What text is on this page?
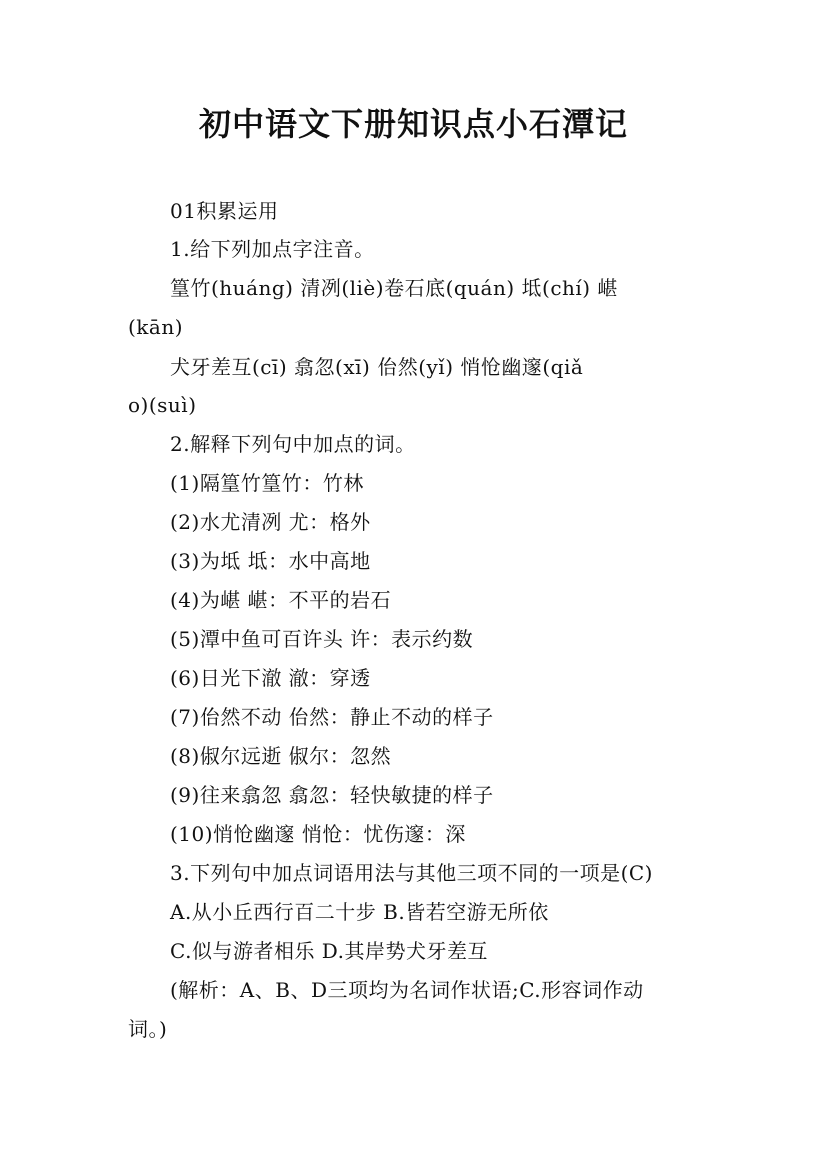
初中语文下册知识点小石潭记
01积累运用
1.给下列加点字注音。
篁竹(huáng) 清冽(liè)卷石底(quán) 坻(chí) 嵁
(kān)
犬牙差互(cī) 翕忽(xī) 佁然(yǐ) 悄怆幽邃(qiǎ
o)(suì)
2.解释下列句中加点的词。
(1)隔篁竹篁竹：竹林
(2)水尤清冽 尤：格外
(3)为坻 坻：水中高地
(4)为嵁 嵁：不平的岩石
(5)潭中鱼可百许头 许：表示约数
(6)日光下澈 澈：穿透
(7)佁然不动 佁然：静止不动的样子
(8)俶尔远逝 俶尔：忽然
(9)往来翕忽 翕忽：轻快敏捷的样子
(10)悄怆幽邃 悄怆：忧伤邃：深
3.下列句中加点词语用法与其他三项不同的一项是(C)
A.从小丘西行百二十步 B.皆若空游无所依
C.似与游者相乐 D.其岸势犬牙差互
(解析：A、B、D三项均为名词作状语;C.形容词作动
词。)
